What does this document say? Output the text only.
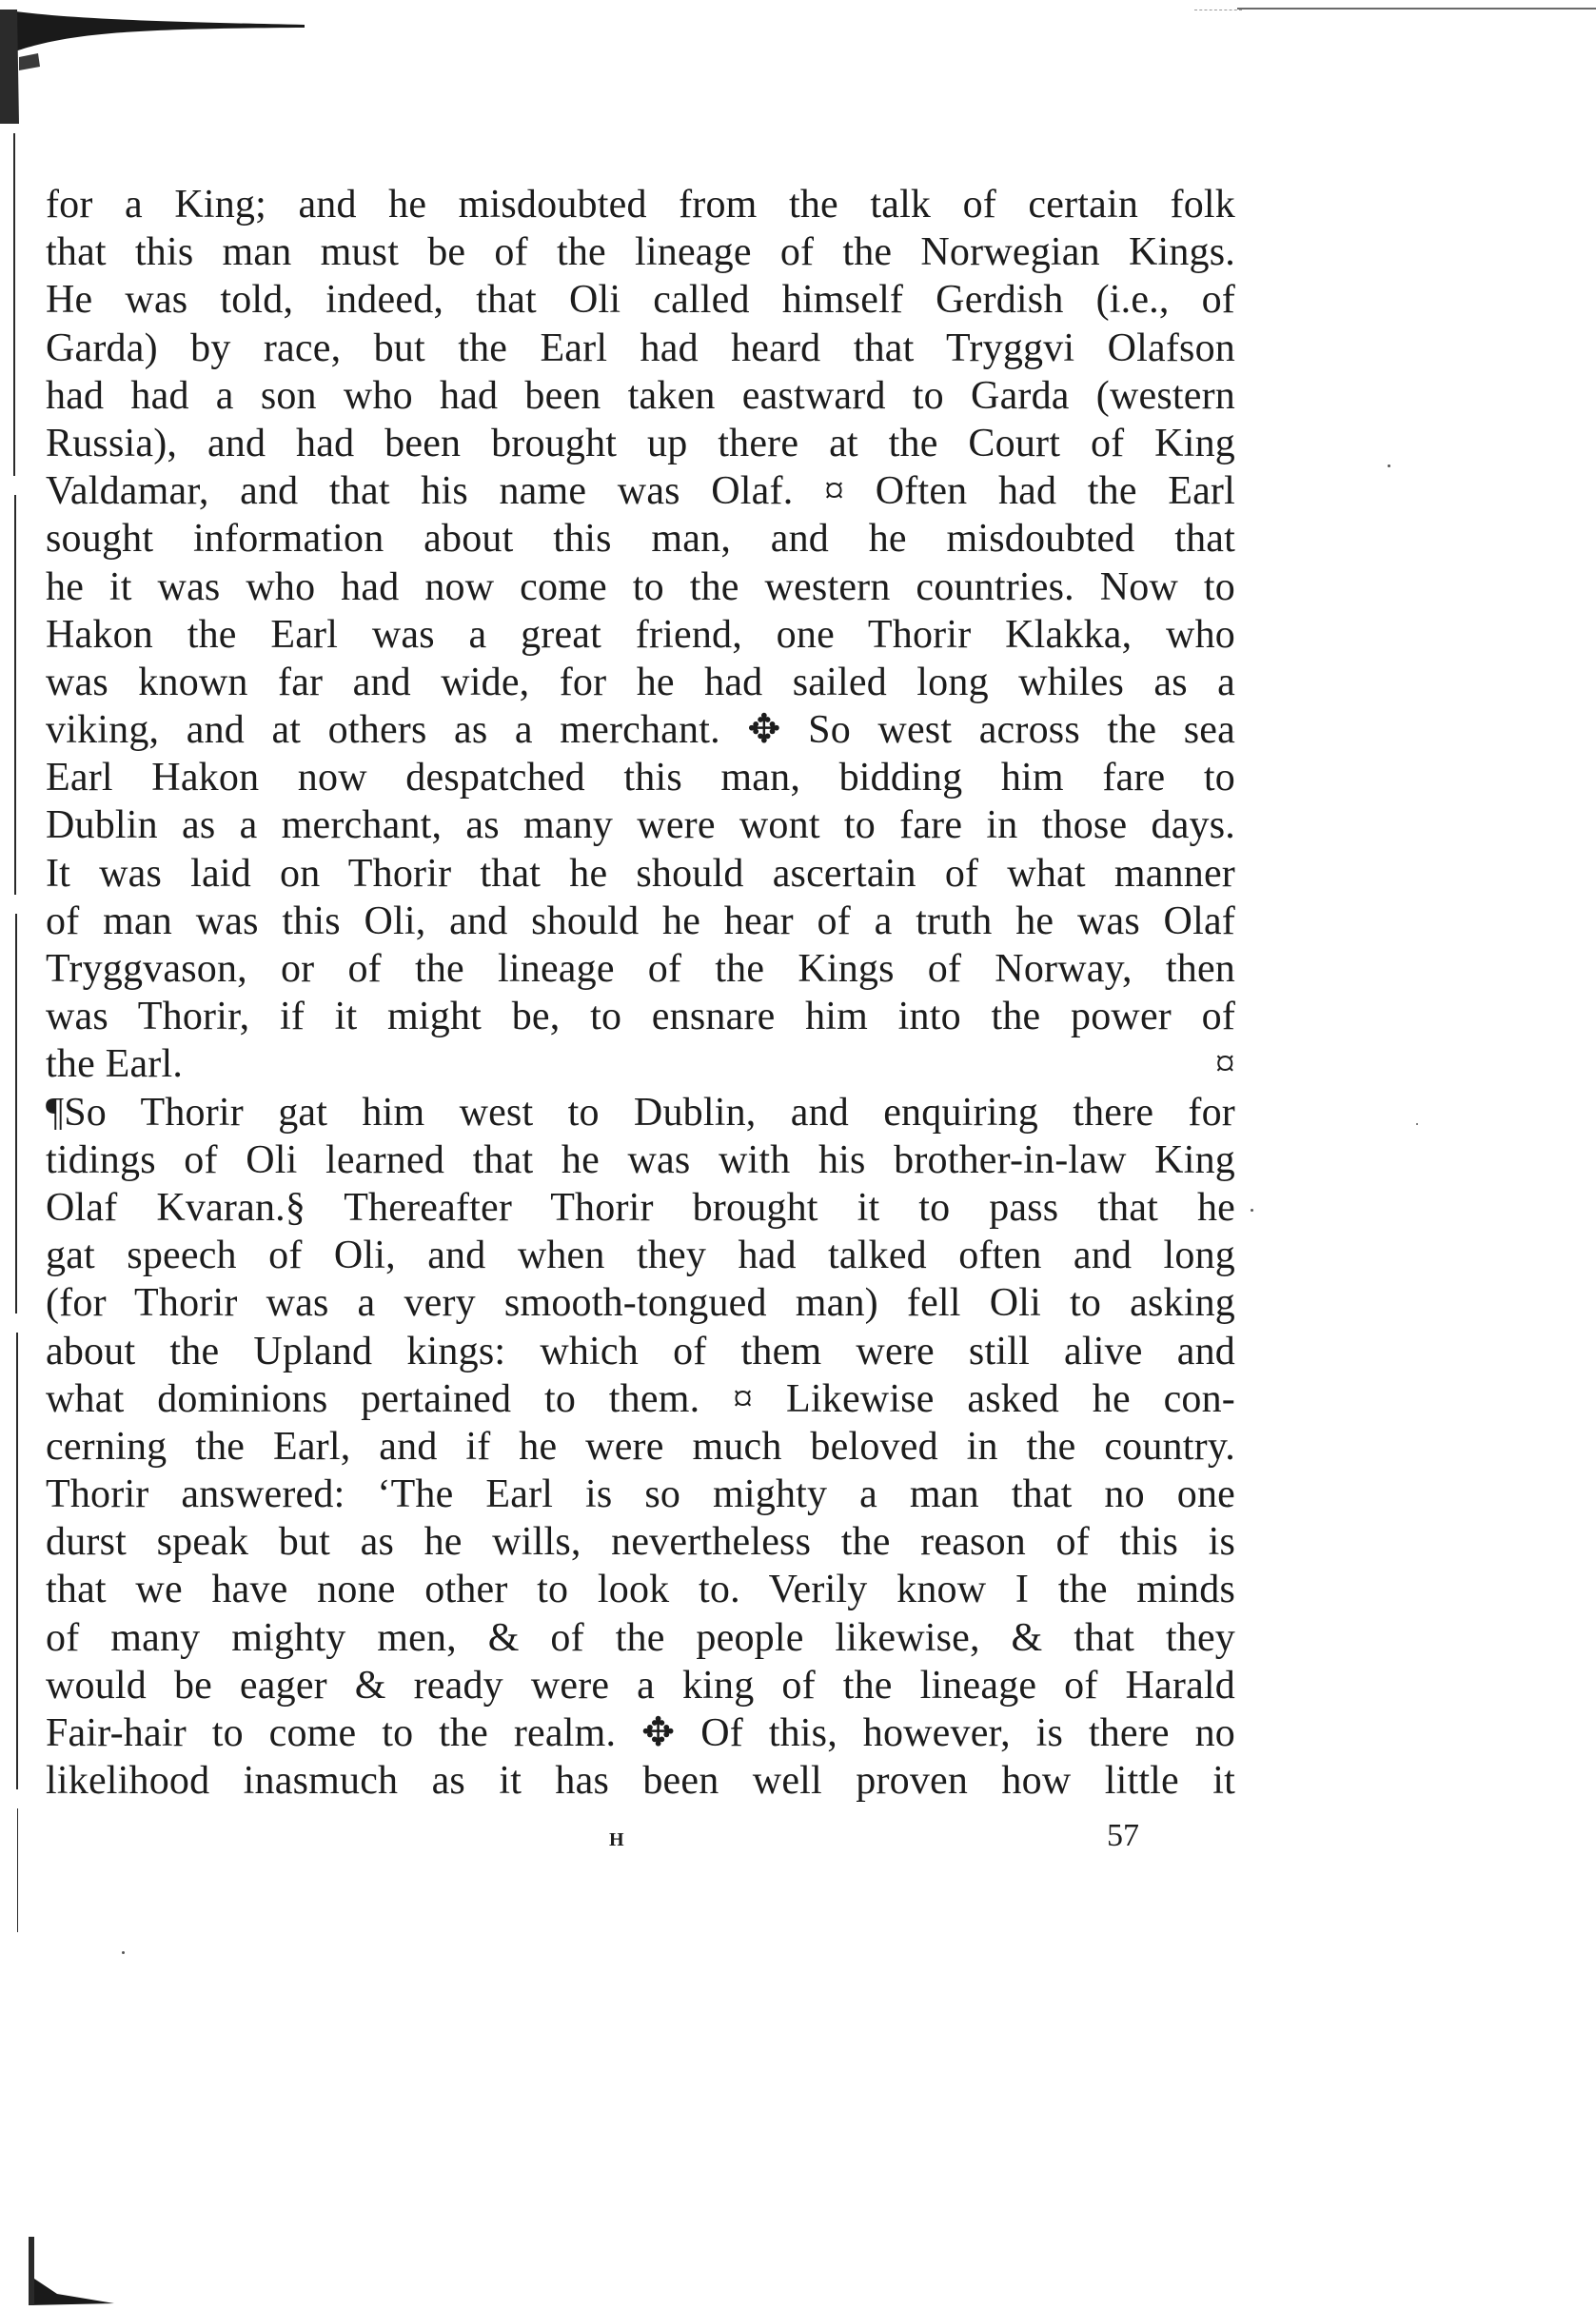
for a King; and he misdoubted from the talk of certain folk
that this man must be of the lineage of the Norwegian Kings.
He was told, indeed, that Oli called himself Gerdish (i.e., of
Garda) by race, but the Earl had heard that Tryggvi Olafson
had had a son who had been taken eastward to Garda (western
Russia), and had been brought up there at the Court of King
Valdamar, and that his name was Olaf. ¤ Often had the Earl
sought information about this man, and he misdoubted that
he it was who had now come to the western countries. Now to
Hakon the Earl was a great friend, one Thorir Klakka, who
was known far and wide, for he had sailed long whiles as a
viking, and at others as a merchant. ✥ So west across the sea
Earl Hakon now despatched this man, bidding him fare to
Dublin as a merchant, as many were wont to fare in those days.
It was laid on Thorir that he should ascertain of what manner
of man was this Oli, and should he hear of a truth he was Olaf
Tryggvason, or of the lineage of the Kings of Norway, then
was Thorir, if it might be, to ensnare him into the power of
the Earl.	¤
¶So Thorir gat him west to Dublin, and enquiring there for
tidings of Oli learned that he was with his brother-in-law King
Olaf Kvaran.§ Thereafter Thorir brought it to pass that he
gat speech of Oli, and when they had talked often and long
(for Thorir was a very smooth-tongued man) fell Oli to asking
about the Upland kings: which of them were still alive and
what dominions pertained to them. ¤ Likewise asked he con-
cerning the Earl, and if he were much beloved in the country.
Thorir answered: ‘The Earl is so mighty a man that no one
durst speak but as he wills, nevertheless the reason of this is
that we have none other to look to. Verily know I the minds
of many mighty men, & of the people likewise, & that they
would be eager & ready were a king of the lineage of Harald
Fair-hair to come to the realm. ✥ Of this, however, is there no
likelihood inasmuch as it has been well proven how little it
H	57
